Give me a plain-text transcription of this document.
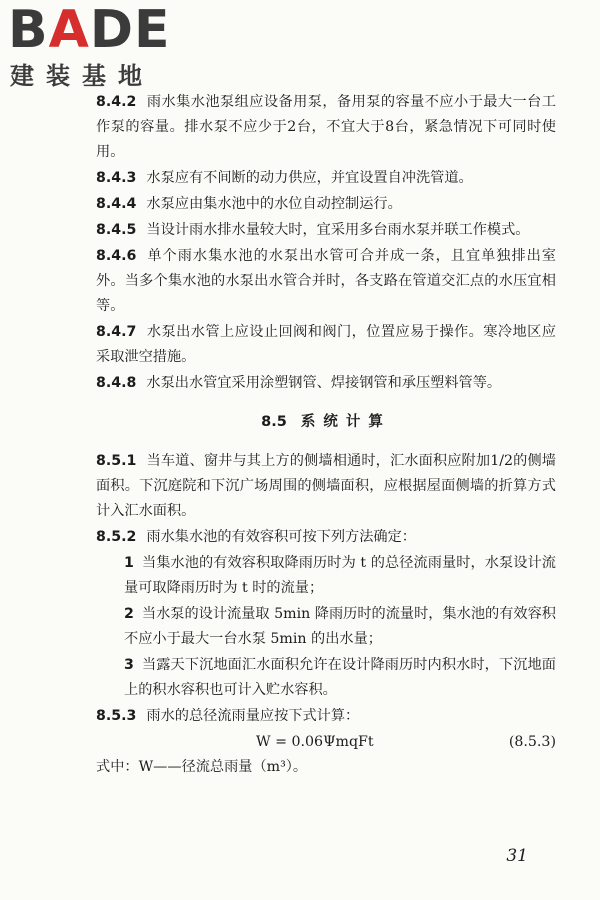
BADE
建装基地

8.4.2 雨水集水池泵组应设备用泵，备用泵的容量不应小于最大一台工作泵的容量。排水泵不应少于2台，不宜大于8台，紧急情况下可同时使用。

8.4.3 水泵应有不间断的动力供应，并宜设置自冲洗管道。

8.4.4 水泵应由集水池中的水位自动控制运行。

8.4.5 当设计雨水排水量较大时，宜采用多台雨水泵并联工作模式。

8.4.6 单个雨水集水池的水泵出水管可合并成一条，且宜单独排出室外。当多个集水池的水泵出水管合并时，各支路在管道交汇点的水压宜相等。

8.4.7 水泵出水管上应设止回阀和阀门，位置应易于操作。寒冷地区应采取泄空措施。

8.4.8 水泵出水管宜采用涂塑钢管、焊接钢管和承压塑料管等。

8.5 系统计算

8.5.1 当车道、窗井与其上方的侧墙相通时，汇水面积应附加1/2的侧墙面积。下沉庭院和下沉广场周围的侧墙面积，应根据屋面侧墙的折算方式计入汇水面积。

8.5.2 雨水集水池的有效容积可按下列方法确定：

1 当集水池的有效容积取降雨历时为 t 的总径流雨量时，水泵设计流量可取降雨历时为 t 时的流量；

2 当水泵的设计流量取 5min 降雨历时的流量时，集水池的有效容积不应小于最大一台水泵 5min 的出水量；

3 当露天下沉地面汇水面积允许在设计降雨历时内积水时，下沉地面上的积水容积也可计入贮水容积。

8.5.3 雨水的总径流雨量应按下式计算：

W = 0.06ΨmqFt	(8.5.3)

式中：W——径流总雨量（m³）。

31
